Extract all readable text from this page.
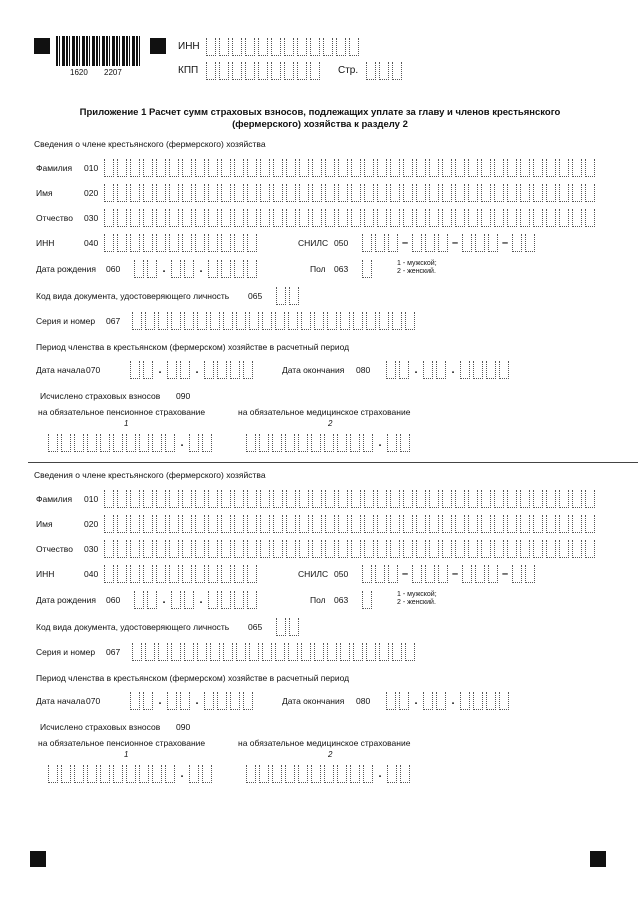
1620 2207
ИНН
КПП	Стр.
Приложение 1 Расчет сумм страховых взносов, подлежащих уплате за главу и членов крестьянского (фермерского) хозяйства к разделу 2
Сведения о члене крестьянского (фермерского) хозяйства
Фамилия 010
Имя	020
Отчество 030
ИНН	040	СНИЛС 050	–	–	–
Дата рождения 060	.	.	Пол 063
1 - мужской;
2 - женский.
Код вида документа, удостоверяющего личность 065
Серия и номер 067
Период членства в крестьянском (фермерском) хозяйстве в расчетный период
Дата начала 070	.	.	Дата окончания 080	.	.
Исчислено страховых взносов 090
на обязательное пенсионное страхование
1
на обязательное медицинское страхование
2
.	.
Сведения о члене крестьянского (фермерского) хозяйства
Фамилия 010
Имя	020
Отчество 030
ИНН	040	СНИЛС 050	–	–	–
Дата рождения 060	.	.	Пол 063
1 - мужской;
2 - женский.
Код вида документа, удостоверяющего личность 065
Серия и номер 067
Период членства в крестьянском (фермерском) хозяйстве в расчетный период
Дата начала 070	.	.	Дата окончания 080	.	.
Исчислено страховых взносов 090
на обязательное пенсионное страхование
1
на обязательное медицинское страхование
2
.	.
